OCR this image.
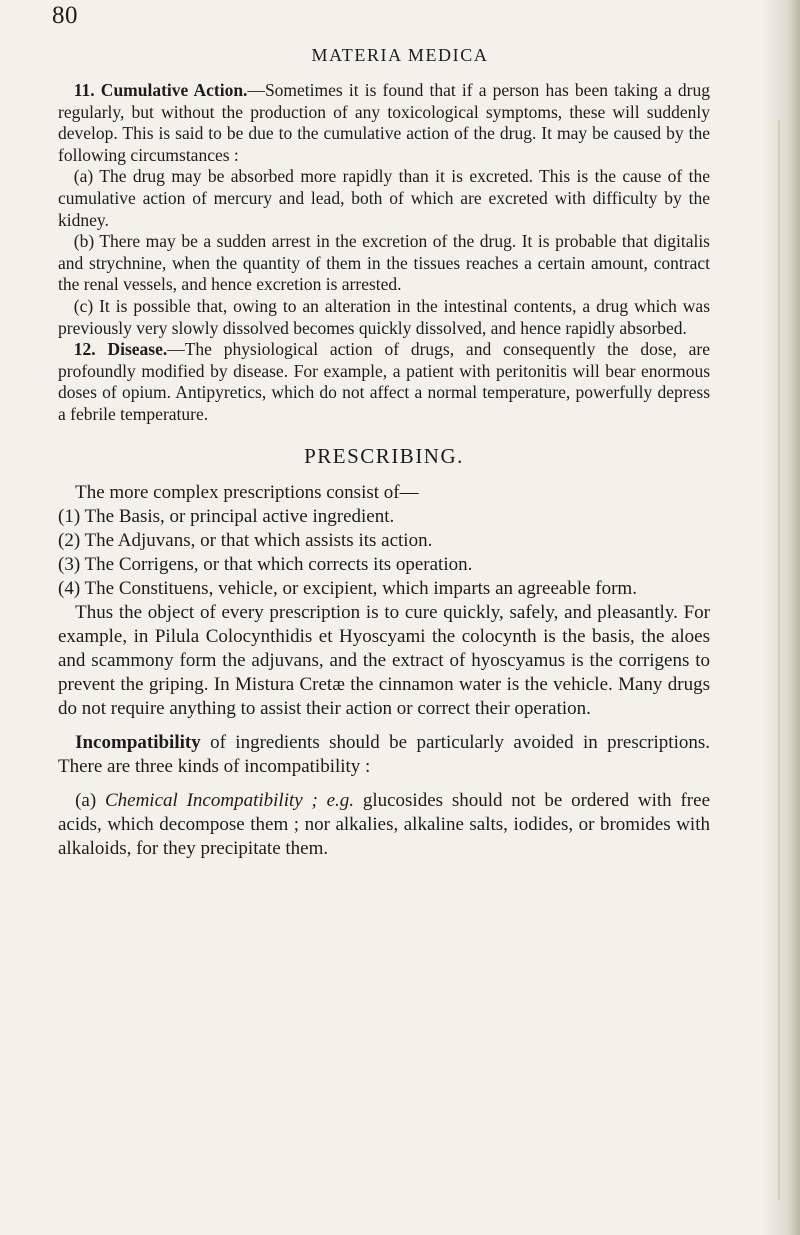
80
MATERIA MEDICA

11. Cumulative Action.—Sometimes it is found that if a person has been taking a drug regularly, but without the production of any toxicological symptoms, these will suddenly develop. This is said to be due to the cumulative action of the drug. It may be caused by the following circumstances :

(a) The drug may be absorbed more rapidly than it is excreted. This is the cause of the cumulative action of mercury and lead, both of which are excreted with difficulty by the kidney.

(b) There may be a sudden arrest in the excretion of the drug. It is probable that digitalis and strychnine, when the quantity of them in the tissues reaches a certain amount, contract the renal vessels, and hence excretion is arrested.

(c) It is possible that, owing to an alteration in the intestinal contents, a drug which was previously very slowly dissolved becomes quickly dissolved, and hence rapidly absorbed.

12. Disease.—The physiological action of drugs, and consequently the dose, are profoundly modified by disease. For example, a patient with peritonitis will bear enormous doses of opium. Antipyretics, which do not affect a normal temperature, powerfully depress a febrile temperature.

PRESCRIBING.

The more complex prescriptions consist of—

(1) The Basis, or principal active ingredient.

(2) The Adjuvans, or that which assists its action.

(3) The Corrigens, or that which corrects its operation.

(4) The Constituens, vehicle, or excipient, which imparts an agreeable form.

Thus the object of every prescription is to cure quickly, safely, and pleasantly. For example, in Pilula Colocynthidis et Hyoscyami the colocynth is the basis, the aloes and scammony form the adjuvans, and the extract of hyoscyamus is the corrigens to prevent the griping. In Mistura Cretæ the cinnamon water is the vehicle. Many drugs do not require anything to assist their action or correct their operation.

Incompatibility of ingredients should be particularly avoided in prescriptions. There are three kinds of incompatibility :

(a) Chemical Incompatibility ; e.g. glucosides should not be ordered with free acids, which decompose them ; nor alkalies, alkaline salts, iodides, or bromides with alkaloids, for they precipitate them.
